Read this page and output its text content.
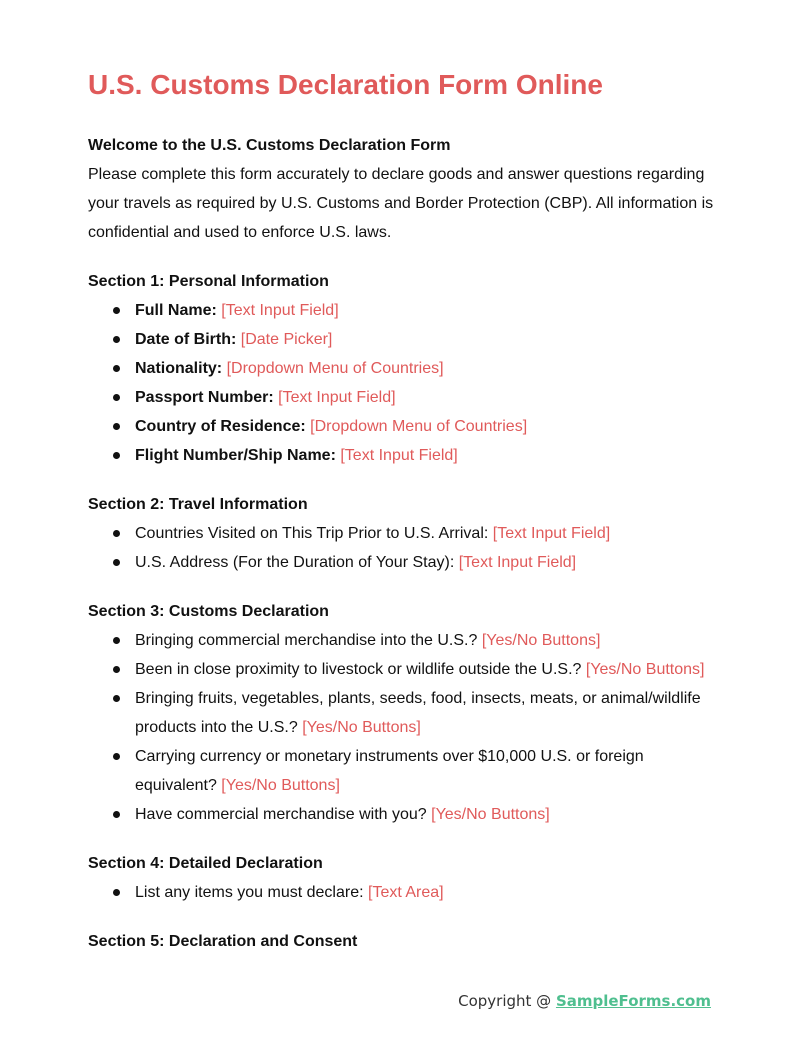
U.S. Customs Declaration Form Online
Welcome to the U.S. Customs Declaration Form

Please complete this form accurately to declare goods and answer questions regarding your travels as required by U.S. Customs and Border Protection (CBP). All information is confidential and used to enforce U.S. laws.

Section 1: Personal Information
Full Name: [Text Input Field]
Date of Birth: [Date Picker]
Nationality: [Dropdown Menu of Countries]
Passport Number: [Text Input Field]
Country of Residence: [Dropdown Menu of Countries]
Flight Number/Ship Name: [Text Input Field]
Section 2: Travel Information
Countries Visited on This Trip Prior to U.S. Arrival: [Text Input Field]
U.S. Address (For the Duration of Your Stay): [Text Input Field]
Section 3: Customs Declaration
Bringing commercial merchandise into the U.S.? [Yes/No Buttons]
Been in close proximity to livestock or wildlife outside the U.S.? [Yes/No Buttons]
Bringing fruits, vegetables, plants, seeds, food, insects, meats, or animal/wildlife products into the U.S.? [Yes/No Buttons]
Carrying currency or monetary instruments over $10,000 U.S. or foreign equivalent? [Yes/No Buttons]
Have commercial merchandise with you? [Yes/No Buttons]
Section 4: Detailed Declaration
List any items you must declare: [Text Area]
Section 5: Declaration and Consent
Copyright @ SampleForms.com
